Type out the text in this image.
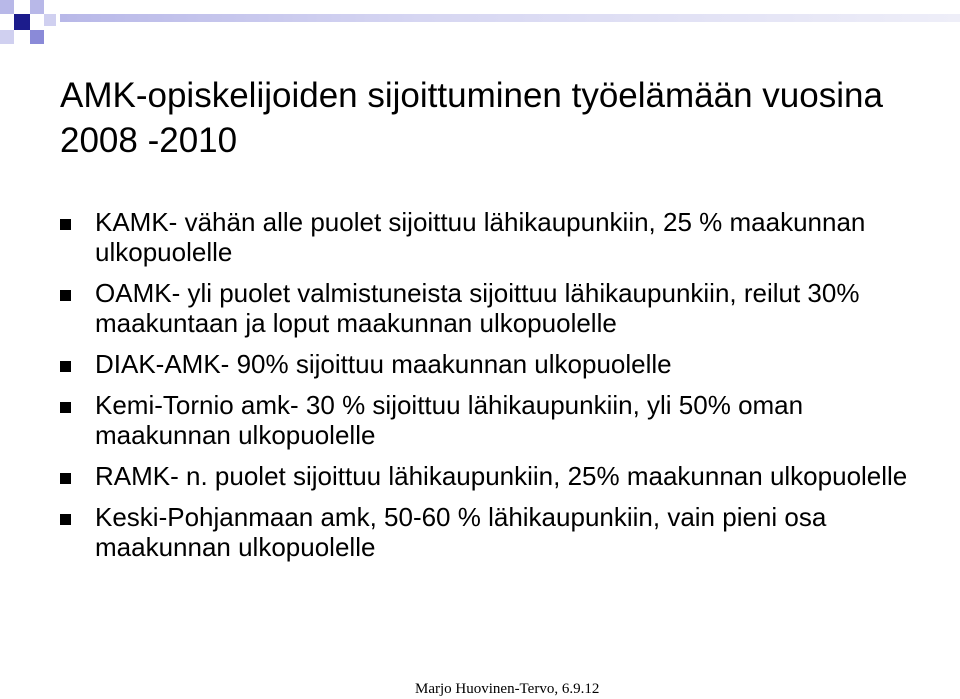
AMK-opiskelijoiden sijoittuminen työelämään vuosina 2008 -2010
KAMK- vähän alle puolet sijoittuu lähikaupunkiin, 25 % maakunnan ulkopuolelle
OAMK- yli puolet valmistuneista sijoittuu lähikaupunkiin, reilut 30% maakuntaan ja loput maakunnan ulkopuolelle
DIAK-AMK- 90% sijoittuu maakunnan ulkopuolelle
Kemi-Tornio amk- 30 % sijoittuu lähikaupunkiin, yli 50% oman maakunnan ulkopuolelle
RAMK- n. puolet sijoittuu lähikaupunkiin, 25% maakunnan ulkopuolelle
Keski-Pohjanmaan amk, 50-60 % lähikaupunkiin, vain pieni osa maakunnan ulkopuolelle
Marjo Huovinen-Tervo, 6.9.12
